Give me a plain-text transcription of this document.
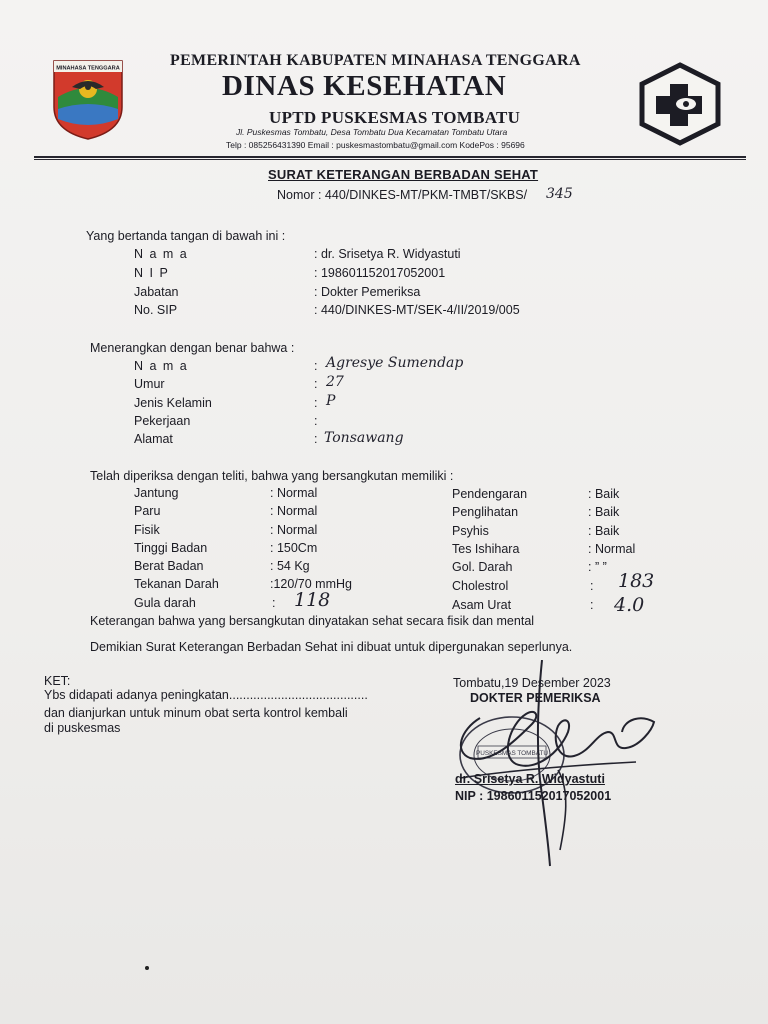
MINAHASA TENGGARA	PEMERINTAH KABUPATEN MINAHASA TENGGARA
DINAS KESEHATAN
UPTD PUSKESMAS TOMBATU
Jl. Puskesmas Tombatu, Desa Tombatu Dua Kecamatan Tombatu Utara
Telp : 085256431390 Email : puskesmastombatu@gmail.com KodePos : 95696
SURAT KETERANGAN BERBADAN SEHAT
Nomor : 440/DINKES-MT/PKM-TMBT/SKBS/ 345
Yang bertanda tangan di bawah ini :
N a m a	: dr. Srisetya R. Widyastuti
N I P	: 198601152017052001
Jabatan	: Dokter Pemeriksa
No. SIP	: 440/DINKES-MT/SEK-4/II/2019/005
Menerangkan dengan benar bahwa :
N a m a	: Agresye Sumendap
Umur	: 27
Jenis Kelamin	: P
Pekerjaan	:
Alamat	: Tonsawang
Telah diperiksa dengan teliti, bahwa yang bersangkutan memiliki :
Jantung	: Normal
Paru	: Normal
Fisik	: Normal
Tinggi Badan	: 150Cm
Berat Badan	: 54 Kg
Tekanan Darah	:120/70 mmHg
Gula darah	: 118
Pendengaran	: Baik
Penglihatan	: Baik
Psyhis	: Baik
Tes Ishihara	: Normal
Gol. Darah	: ” ”
Cholestrol	: 183
Asam Urat	: 4.0
Keterangan bahwa yang bersangkutan dinyatakan sehat secara fisik dan mental
Demikian Surat Keterangan Berbadan Sehat ini dibuat untuk dipergunakan seperlunya.
KET:
Ybs didapati adanya peningkatan........................................
dan dianjurkan untuk minum obat serta kontrol kembali
di puskesmas
Tombatu,19 Desember 2023
DOKTER PEMERIKSA
PUSKESMAS TOMBATU
dr. Srisetya R. Widyastuti
NIP : 198601152017052001
